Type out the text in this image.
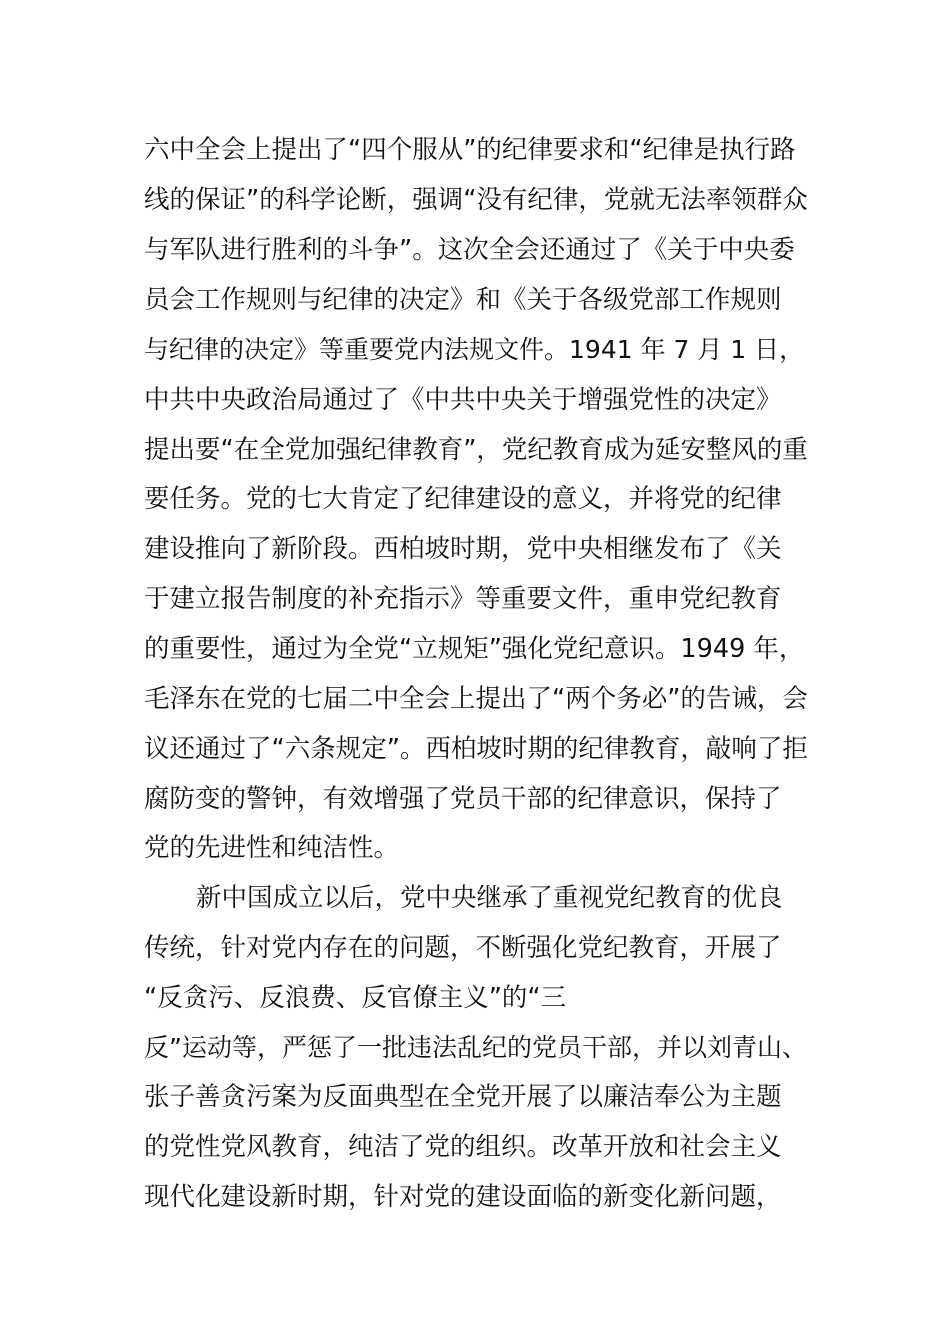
六中全会上提出了“四个服从”的纪律要求和“纪律是执行路
线的保证”的科学论断，强调“没有纪律，党就无法率领群众
与军队进行胜利的斗争”。这次全会还通过了《关于中央委
员会工作规则与纪律的决定》和《关于各级党部工作规则
与纪律的决定》等重要党内法规文件。1941 年 7 月 1 日，
中共中央政治局通过了《中共中央关于增强党性的决定》
提出要“在全党加强纪律教育”，党纪教育成为延安整风的重
要任务。党的七大肯定了纪律建设的意义，并将党的纪律
建设推向了新阶段。西柏坡时期，党中央相继发布了《关
于建立报告制度的补充指示》等重要文件，重申党纪教育
的重要性，通过为全党“立规矩”强化党纪意识。1949 年，
毛泽东在党的七届二中全会上提出了“两个务必”的告诫，会
议还通过了“六条规定”。西柏坡时期的纪律教育，敲响了拒
腐防变的警钟，有效增强了党员干部的纪律意识，保持了
党的先进性和纯洁性。
新中国成立以后，党中央继承了重视党纪教育的优良
传统，针对党内存在的问题，不断强化党纪教育，开展了
“反贪污、反浪费、反官僚主义”的“三
反”运动等，严惩了一批违法乱纪的党员干部，并以刘青山、
张子善贪污案为反面典型在全党开展了以廉洁奉公为主题
的党性党风教育，纯洁了党的组织。改革开放和社会主义
现代化建设新时期，针对党的建设面临的新变化新问题，
